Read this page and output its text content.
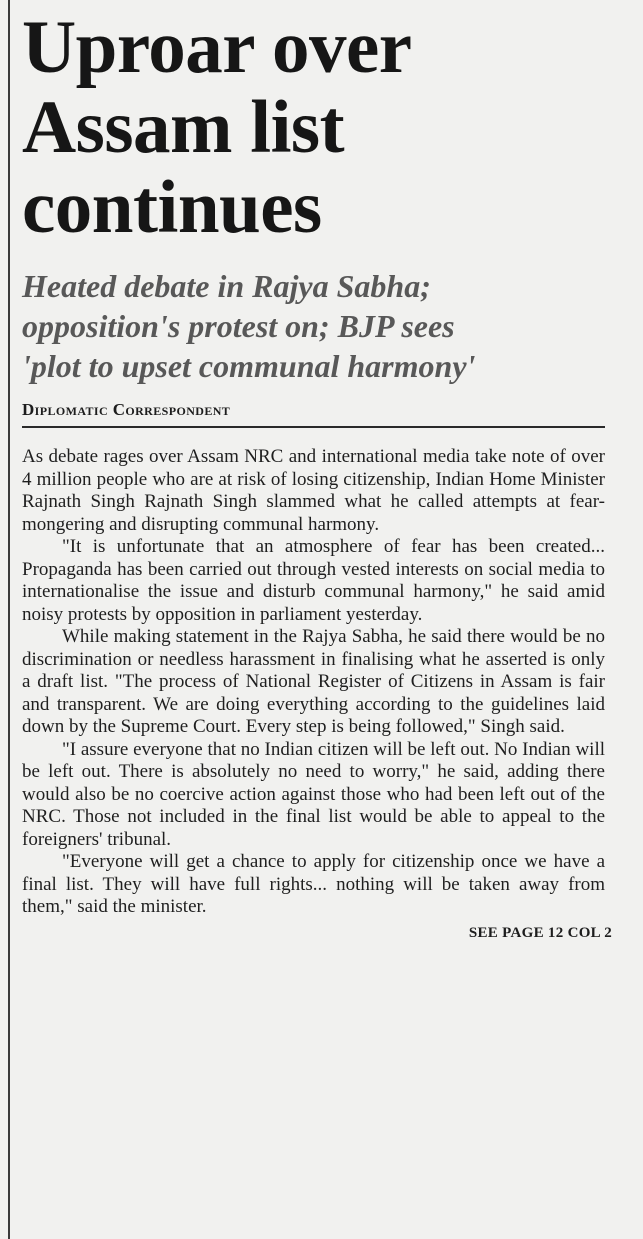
Uproar over
Assam list
continues
Heated debate in Rajya Sabha;
opposition's protest on; BJP sees
'plot to upset communal harmony'
Diplomatic Correspondent

As debate rages over Assam NRC and international media take note of over 4 million people who are at risk of losing citizenship, Indian Home Minister Rajnath Singh Rajnath Singh slammed what he called attempts at fear-mongering and disrupting communal harmony.

"It is unfortunate that an atmosphere of fear has been created... Propaganda has been carried out through vested interests on social media to internationalise the issue and disturb communal harmony," he said amid noisy protests by opposition in parliament yesterday.

While making statement in the Rajya Sabha, he said there would be no discrimination or needless harassment in finalising what he asserted is only a draft list. "The process of National Register of Citizens in Assam is fair and transparent. We are doing everything according to the guidelines laid down by the Supreme Court. Every step is being followed," Singh said.

"I assure everyone that no Indian citizen will be left out. No Indian will be left out. There is absolutely no need to worry," he said, adding there would also be no coercive action against those who had been left out of the NRC. Those not included in the final list would be able to appeal to the foreigners' tribunal.

"Everyone will get a chance to apply for citizenship once we have a final list. They will have full rights... nothing will be taken away from them," said the minister.

SEE PAGE 12 COL 2
